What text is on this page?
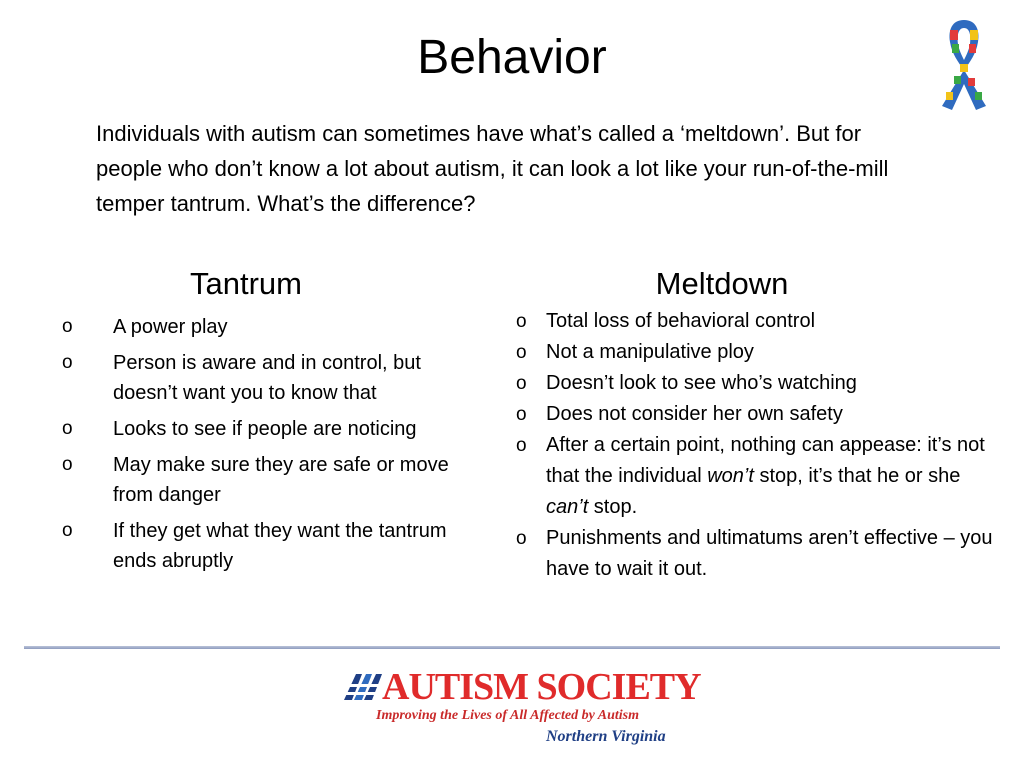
Behavior
Individuals with autism can sometimes have what’s called a ‘meltdown’. But for people who don’t know a lot about autism, it can look a lot like your run-of-the-mill temper tantrum. What’s the difference?
Tantrum	Meltdown
o A power play
o Person is aware and in control, but doesn’t want you to know that
o Looks to see if people are noticing
o May make sure they are safe or move from danger
o If they get what they want the tantrum ends abruptly
o Total loss of behavioral control
o Not a manipulative ploy
o Doesn’t look to see who’s watching
o Does not consider her own safety
o After a certain point, nothing can appease: it’s not that the individual won’t stop, it’s that he or she can’t stop.
o Punishments and ultimatums aren’t effective – you have to wait it out.
AUTISM SOCIETY
Improving the Lives of All Affected by Autism
Northern Virginia
